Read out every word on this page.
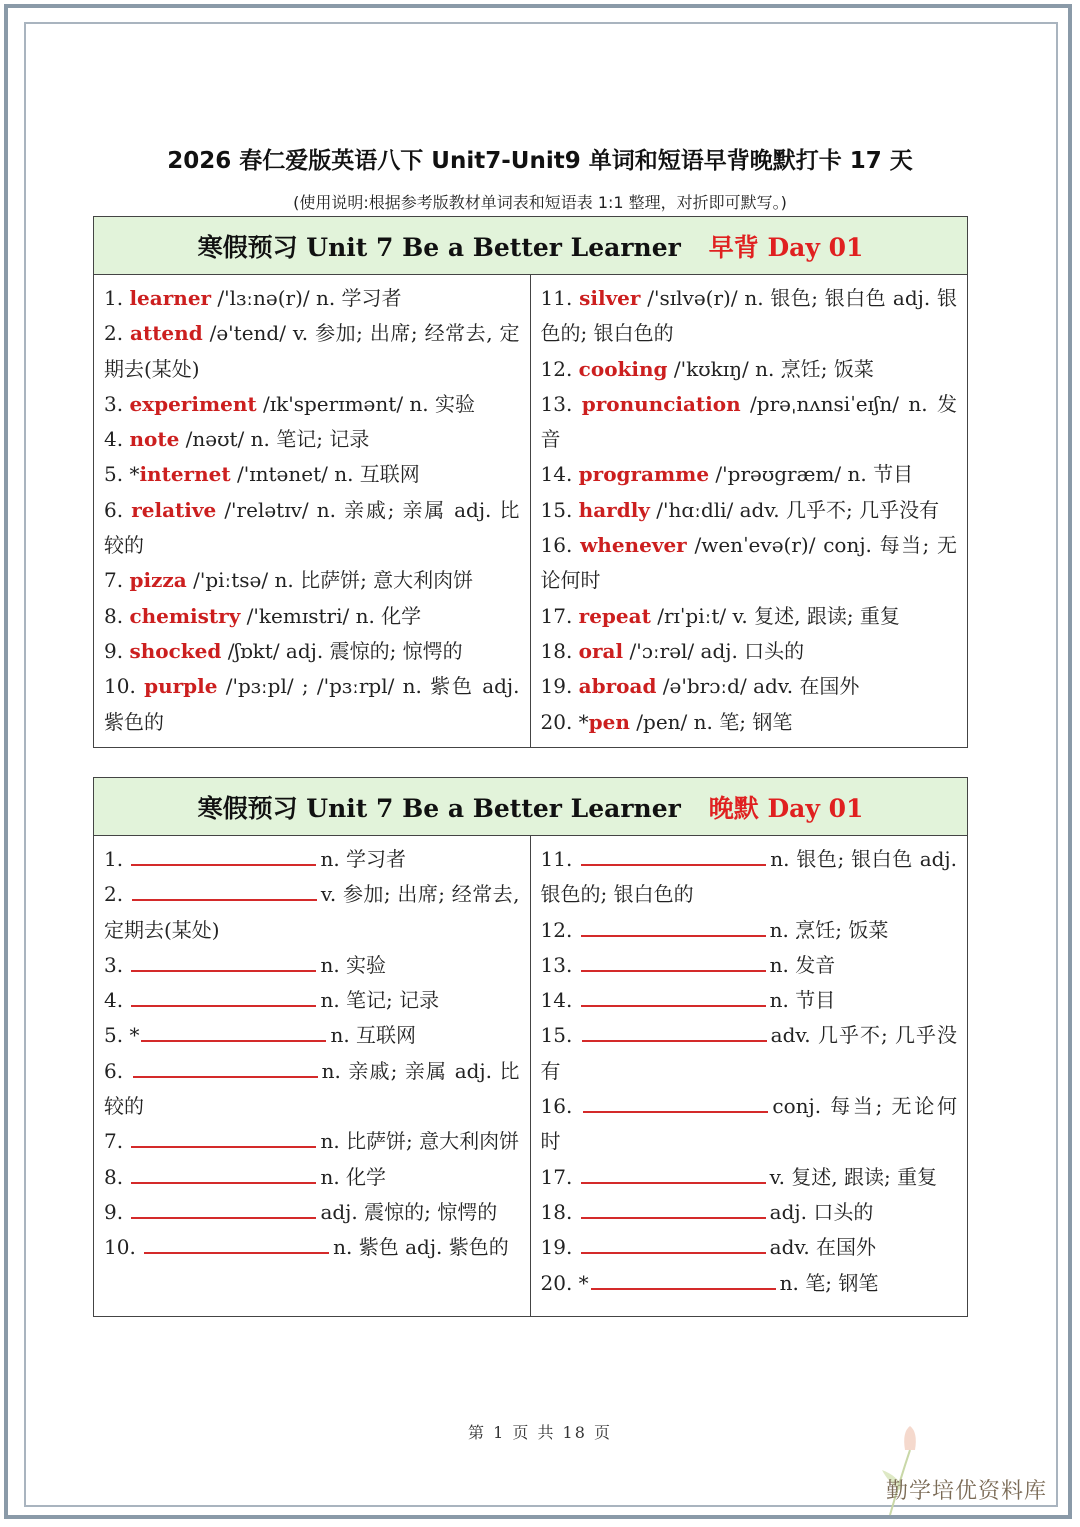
2026 春仁爱版英语八下 Unit7-Unit9 单词和短语早背晚默打卡 17 天
(使用说明:根据参考版教材单词表和短语表 1:1 整理，对折即可默写。)
寒假预习 Unit 7 Be a Better Learner 早背 Day 01
1. learner /'lɜːnə(r)/ n. 学习者
2. attend /ə'tend/ v. 参加; 出席; 经常去, 定期去(某处)
3. experiment /ɪk'sperɪmənt/ n. 实验
4. note /nəʊt/ n. 笔记; 记录
5. *internet /'ɪntənet/ n. 互联网
6. relative /'relətɪv/ n. 亲戚; 亲属 adj. 比较的
7. pizza /'piːtsə/ n. 比萨饼; 意大利肉饼
8. chemistry /'kemɪstri/ n. 化学
9. shocked /ʃɒkt/ adj. 震惊的; 惊愕的
10. purple /'pɜːpl/ ; /'pɜːrpl/ n. 紫色 adj. 紫色的
11. silver /'sɪlvə(r)/ n. 银色; 银白色 adj. 银色的; 银白色的
12. cooking /'kʊkɪŋ/ n. 烹饪; 饭菜
13. pronunciation /prəˌnʌnsiˈeɪʃn/ n. 发音
14. programme /'prəʊgræm/ n. 节目
15. hardly /'hɑːdli/ adv. 几乎不; 几乎没有
16. whenever /wenˈevə(r)/ conj. 每当; 无论何时
17. repeat /rɪˈpiːt/ v. 复述, 跟读; 重复
18. oral /'ɔːrəl/ adj. 口头的
19. abroad /ə'brɔːd/ adv. 在国外
20. *pen /pen/ n. 笔; 钢笔
寒假预习 Unit 7 Be a Better Learner 晚默 Day 01
1.	n. 学习者
2.	v. 参加; 出席; 经常去, 定期去(某处)
3.	n. 实验
4.	n. 笔记; 记录
5. *	n. 互联网
6.	n. 亲戚; 亲属 adj. 比较的
7.	n. 比萨饼; 意大利肉饼
8.	n. 化学
9.	adj. 震惊的; 惊愕的
10.	n. 紫色 adj. 紫色的
11.	n. 银色; 银白色 adj. 银色的; 银白色的
12.	n. 烹饪; 饭菜
13.	n. 发音
14.	n. 节目
15.	adv. 几乎不; 几乎没有
16.	conj. 每当; 无论何时
17.	v. 复述, 跟读; 重复
18.	adj. 口头的
19.	adv. 在国外
20. *	n. 笔; 钢笔
第 1 页 共 18 页
勤学培优资料库
